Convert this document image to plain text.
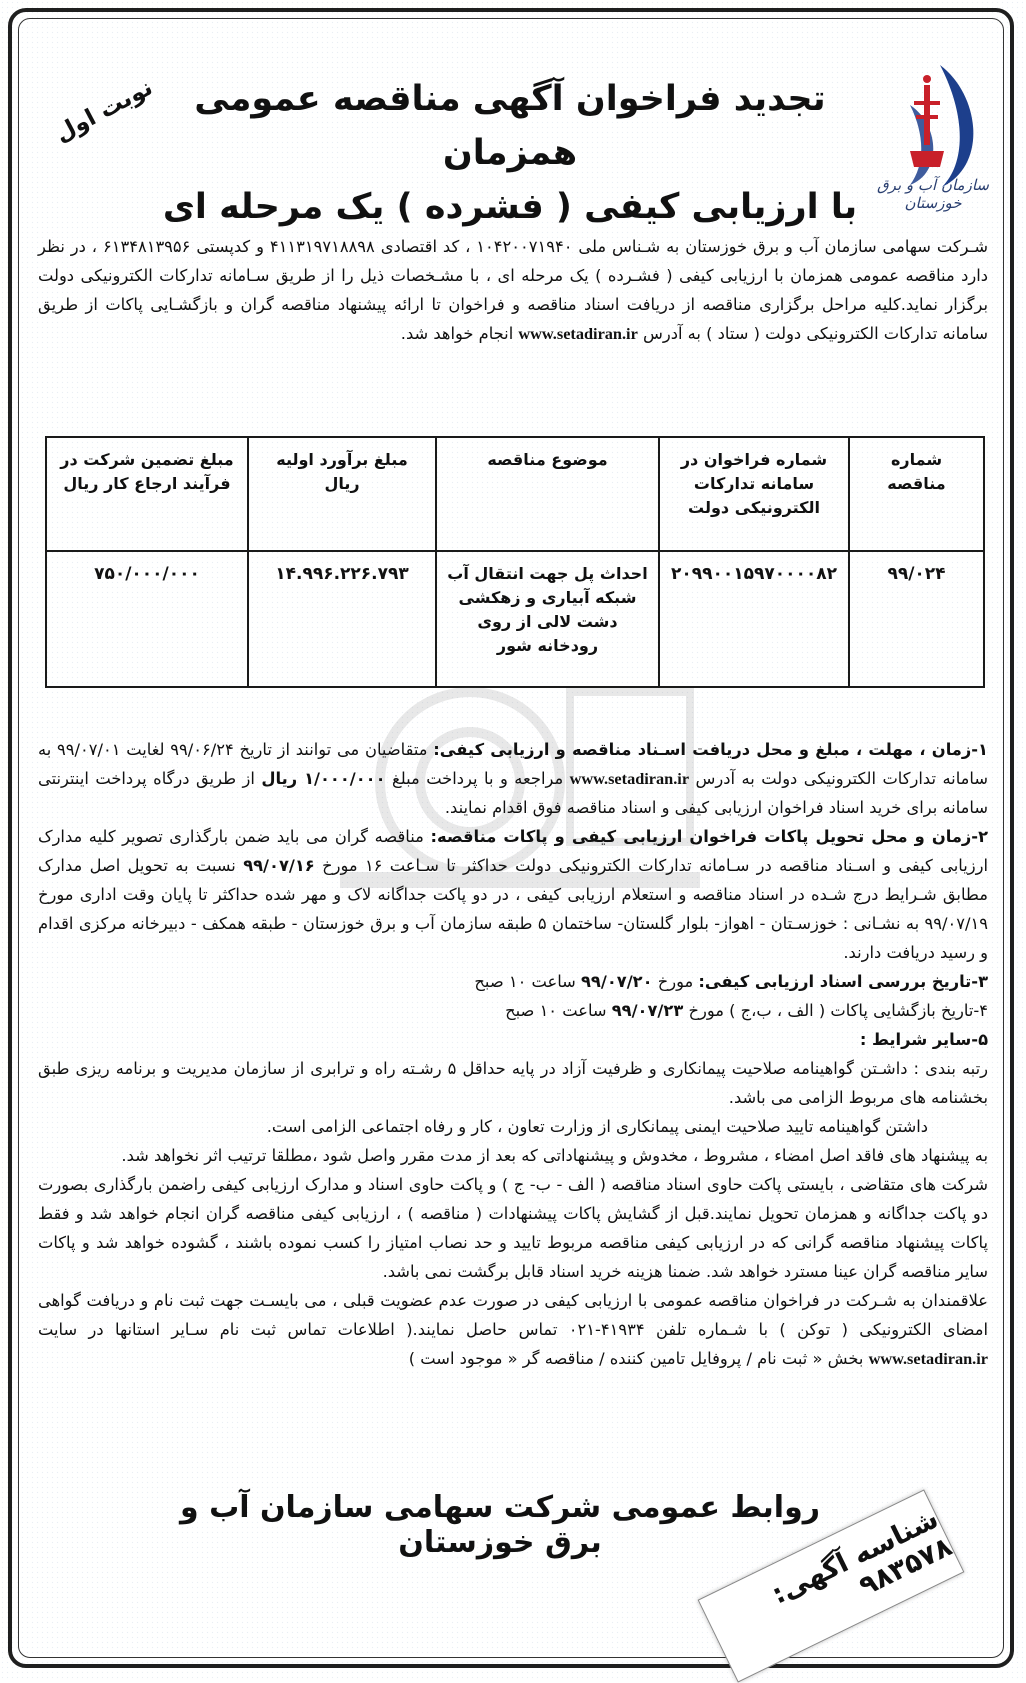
سازمان آب و برق خوزستان
تجدید فراخوان آگهی مناقصه عمومی همزمان
با ارزیابی کیفی ( فشرده ) یک مرحله ای
نوبت اول
شـرکت سهامی سازمان آب و برق خوزستان به شـناس ملی ۱۰۴۲۰۰۷۱۹۴۰ ، کد اقتصادی ۴۱۱۳۱۹۷۱۸۸۹۸ و کدپستی ۶۱۳۴۸۱۳۹۵۶ ، در نظر دارد مناقصه عمومی همزمان با ارزیابی کیفی ( فشـرده ) یک مرحله ای ، با مشـخصات ذیل را از طریق سـامانه تدارکات الکترونیکی دولت برگزار نماید.کلیه مراحل برگزاری مناقصه از دریافت اسناد مناقصه و فراخوان تا ارائه پیشنهاد مناقصه گران و بازگشـایی پاکات از طریق سامانه تدارکات الکترونیکی دولت ( ستاد ) به آدرس www.setadiran.ir انجام خواهد شد.
شماره مناقصه	شماره فراخوان در سامانه تدارکات الکترونیکی دولت	موضوع مناقصه	مبلغ برآورد اولیه ریال	مبلغ تضمین شرکت در فرآیند ارجاع کار ریال
۹۹/۰۲۴	۲۰۹۹۰۰۱۵۹۷۰۰۰۰۸۲	احداث پل جهت انتقال آب شبکه آبیاری و زهکشی دشت لالی از روی رودخانه شور	۱۴.۹۹۶.۲۲۶.۷۹۳	۷۵۰/۰۰۰/۰۰۰

۱-زمان ، مهلت ، مبلغ و محل دریافت اسـناد مناقصه و ارزیابی کیفی: متقاضیان می توانند از تاریخ ۹۹/۰۶/۲۴ لغایت ۹۹/۰۷/۰۱ به سامانه تدارکات الکترونیکی دولت به آدرس www.setadiran.ir مراجعه و با پرداخت مبلغ ۱/۰۰۰/۰۰۰ ریال از طریق درگاه پرداخت اینترنتی سامانه برای خرید اسناد فراخوان ارزیابی کیفی و اسناد مناقصه فوق اقدام نمایند.

۲-زمان و محل تحویل پاکات فراخوان ارزیابی کیفی و پاکات مناقصه: مناقصه گران می باید ضمن بارگذاری تصویر کلیه مدارک ارزیابی کیفی و اسـناد مناقصه در سـامانه تدارکات الکترونیکی دولت حداکثر تا سـاعت ۱۶ مورخ ۹۹/۰۷/۱۶ نسبت به تحویل اصل مدارک مطابق شـرایط درج شـده در اسناد مناقصه و استعلام ارزیابی کیفی ، در دو پاکت جداگانه لاک و مهر شده حداکثر تا پایان وقت اداری مورخ ۹۹/۰۷/۱۹ به نشـانی : خوزسـتان - اهواز- بلوار گلستان- ساختمان ۵ طبقه سازمان آب و برق خوزستان - طبقه همکف - دبیرخانه مرکزی اقدام و رسید دریافت دارند.

۳-تاریخ بررسی اسناد ارزیابی کیفی: مورخ ۹۹/۰۷/۲۰ ساعت ۱۰ صبح

۴-تاریخ بازگشایی پاکات ( الف ، ب،ج ) مورخ ۹۹/۰۷/۲۳ ساعت ۱۰ صبح

۵-سایر شرایط :

رتبه بندی : داشـتن گواهینامه صلاحیت پیمانکاری و ظرفیت آزاد در پایه حداقل ۵ رشـته راه و ترابری از سازمان مدیریت و برنامه ریزی طبق بخشنامه های مربوط الزامی می باشد.

داشتن گواهینامه تایید صلاحیت ایمنی پیمانکاری از وزارت تعاون ، کار و رفاه اجتماعی الزامی است.

به پیشنهاد های فاقد اصل امضاء ، مشروط ، مخدوش و پیشنهاداتی که بعد از مدت مقرر واصل شود ،مطلقا ترتیب اثر نخواهد شد.

شرکت های متقاضی ، بایستی پاکت حاوی اسناد مناقصه ( الف - ب- ج ) و پاکت حاوی اسناد و مدارک ارزیابی کیفی راضمن بارگذاری بصورت دو پاکت جداگانه و همزمان تحویل نمایند.قبل از گشایش پاکات پیشنهادات ( مناقصه ) ، ارزیابی کیفی مناقصه گران انجام خواهد شد و فقط پاکات پیشنهاد مناقصه گرانی که در ارزیابی کیفی مناقصه مربوط تایید و حد نصاب امتیاز را کسب نموده باشند ، گشوده خواهد شد و پاکات سایر مناقصه گران عینا مسترد خواهد شد. ضمنا هزینه خرید اسناد قابل برگشت نمی باشد.

علاقمندان به شـرکت در فراخوان مناقصه عمومی با ارزیابی کیفی در صورت عدم عضویت قبلی ، می بایسـت جهت ثبت نام و دریافت گواهی امضای الکترونیکی ( توکن ) با شـماره تلفن ۴۱۹۳۴-۰۲۱ تماس حاصل نمایند.( اطلاعات تماس ثبت نام سـایر استانها در سایت www.setadiran.ir بخش « ثبت نام / پروفایل تامین کننده / مناقصه گر « موجود است )

روابط عمومی شرکت سهامی سازمان آب و برق خوزستان	شناسه آگهی: ۹۸۳۵۷۸
